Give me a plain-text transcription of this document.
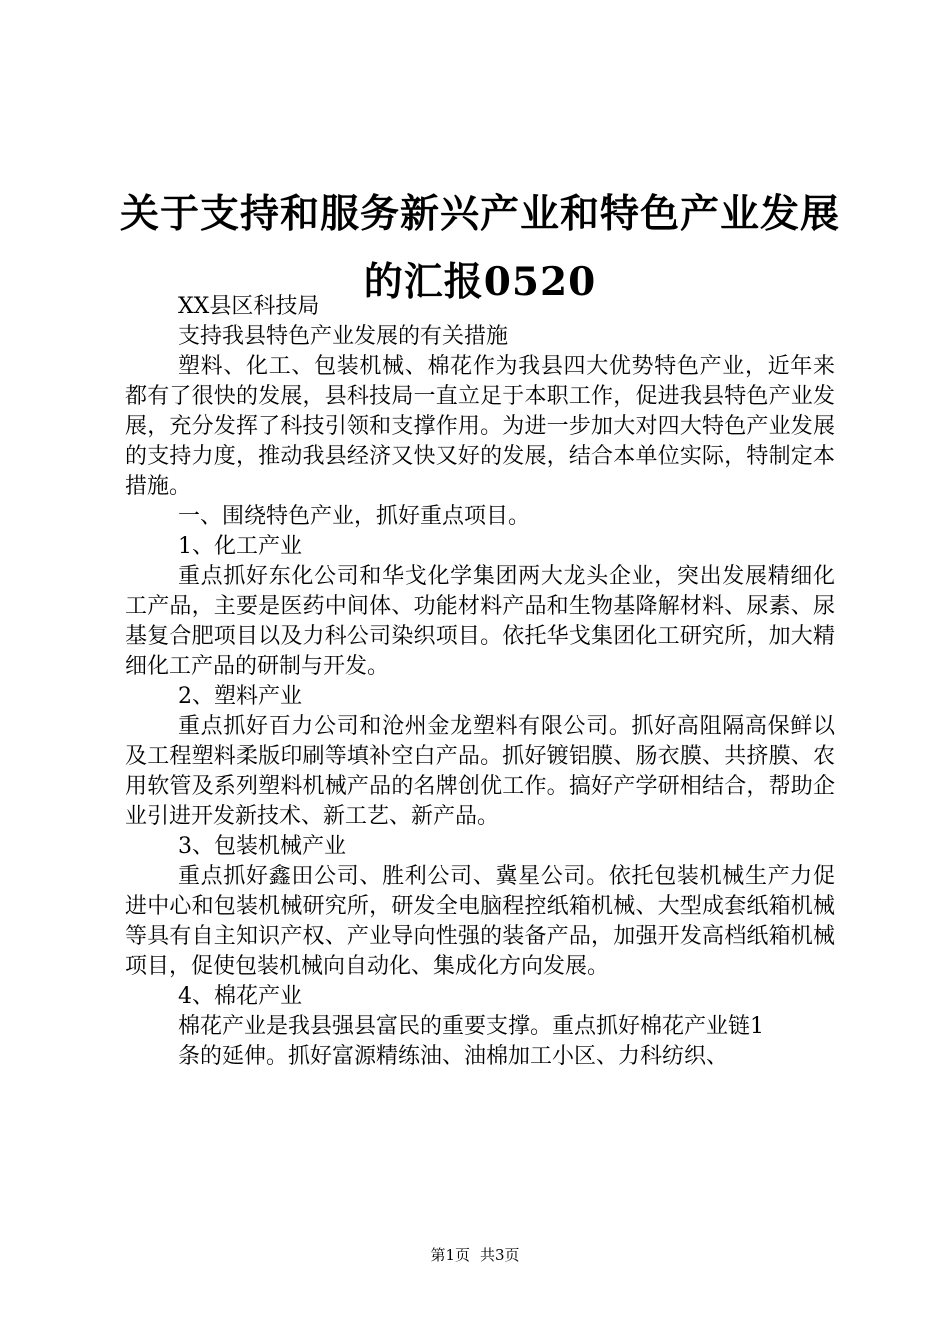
关于支持和服务新兴产业和特色产业发展的汇报0520

XX县区科技局

支持我县特色产业发展的有关措施

塑料、化工、包装机械、棉花作为我县四大优势特色产业，近年来都有了很快的发展，县科技局一直立足于本职工作，促进我县特色产业发展，充分发挥了科技引领和支撑作用。为进一步加大对四大特色产业发展的支持力度，推动我县经济又快又好的发展，结合本单位实际，特制定本措施。

一、围绕特色产业，抓好重点项目。

1、化工产业

重点抓好东化公司和华戈化学集团两大龙头企业，突出发展精细化工产品，主要是医药中间体、功能材料产品和生物基降解材料、尿素、尿基复合肥项目以及力科公司染织项目。依托华戈集团化工研究所，加大精细化工产品的研制与开发。

2、塑料产业

重点抓好百力公司和沧州金龙塑料有限公司。抓好高阻隔高保鲜以及工程塑料柔版印刷等填补空白产品。抓好镀铝膜、肠衣膜、共挤膜、农用软管及系列塑料机械产品的名牌创优工作。搞好产学研相结合，帮助企业引进开发新技术、新工艺、新产品。

3、包装机械产业

重点抓好鑫田公司、胜利公司、冀星公司。依托包装机械生产力促进中心和包装机械研究所，研发全电脑程控纸箱机械、大型成套纸箱机械等具有自主知识产权、产业导向性强的装备产品，加强开发高档纸箱机械项目，促使包装机械向自动化、集成化方向发展。

4、棉花产业

棉花产业是我县强县富民的重要支撑。重点抓好棉花产业链1

条的延伸。抓好富源精练油、油棉加工小区、力科纺织、

第1页 共3页
